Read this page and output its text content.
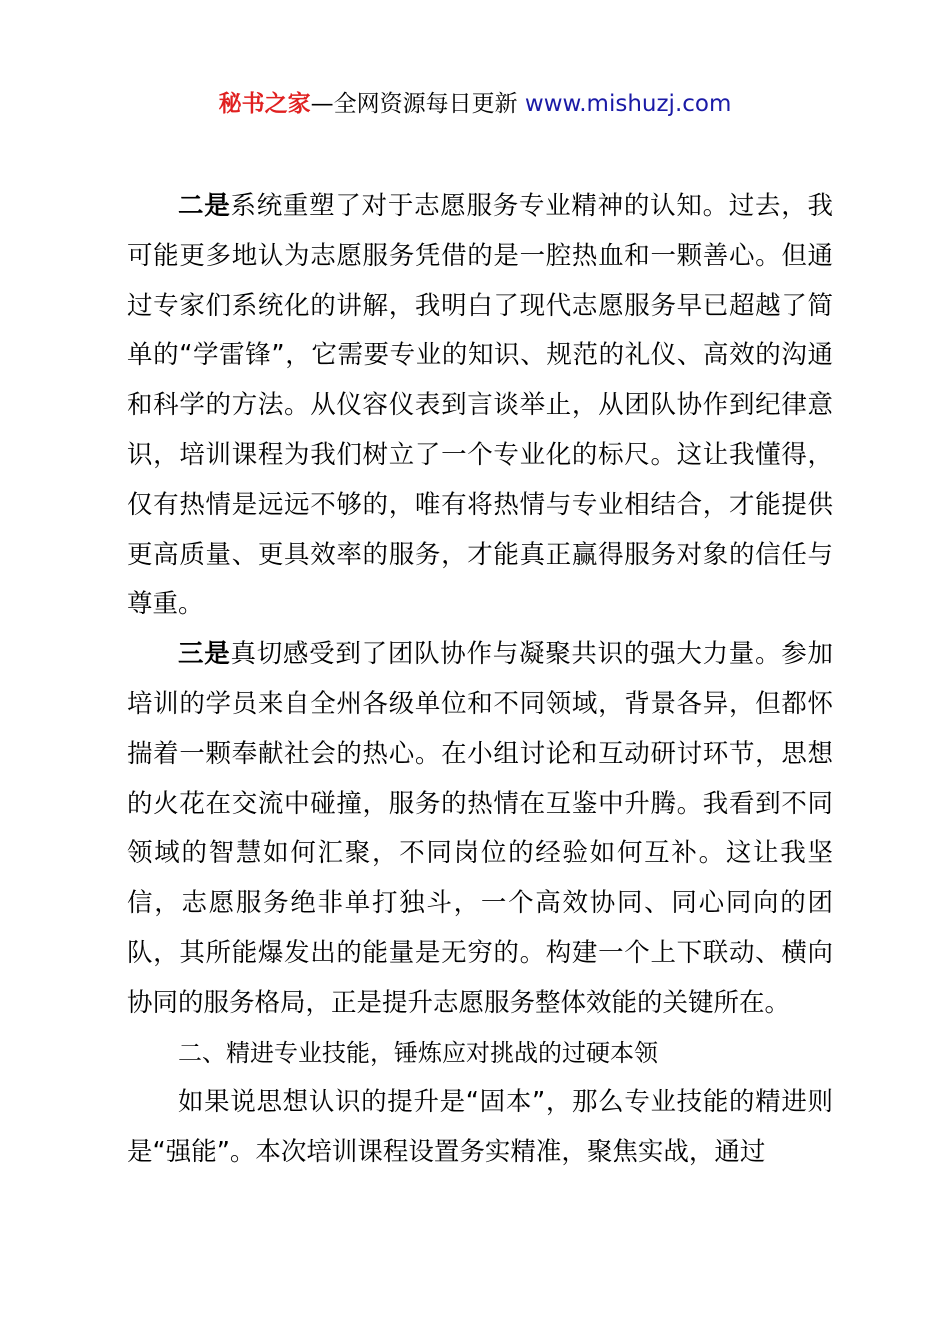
秘书之家—全网资源每日更新 www.mishuzj.com

二是系统重塑了对于志愿服务专业精神的认知。过去，我可能更多地认为志愿服务凭借的是一腔热血和一颗善心。但通过专家们系统化的讲解，我明白了现代志愿服务早已超越了简单的“学雷锋”，它需要专业的知识、规范的礼仪、高效的沟通和科学的方法。从仪容仪表到言谈举止，从团队协作到纪律意识，培训课程为我们树立了一个专业化的标尺。这让我懂得，仅有热情是远远不够的，唯有将热情与专业相结合，才能提供更高质量、更具效率的服务，才能真正赢得服务对象的信任与尊重。

三是真切感受到了团队协作与凝聚共识的强大力量。参加培训的学员来自全州各级单位和不同领域，背景各异，但都怀揣着一颗奉献社会的热心。在小组讨论和互动研讨环节，思想的火花在交流中碰撞，服务的热情在互鉴中升腾。我看到不同领域的智慧如何汇聚，不同岗位的经验如何互补。这让我坚信，志愿服务绝非单打独斗，一个高效协同、同心同向的团队，其所能爆发出的能量是无穷的。构建一个上下联动、横向协同的服务格局，正是提升志愿服务整体效能的关键所在。

二、精进专业技能，锤炼应对挑战的过硬本领

如果说思想认识的提升是“固本”，那么专业技能的精进则是“强能”。本次培训课程设置务实精准，聚焦实战，通过
